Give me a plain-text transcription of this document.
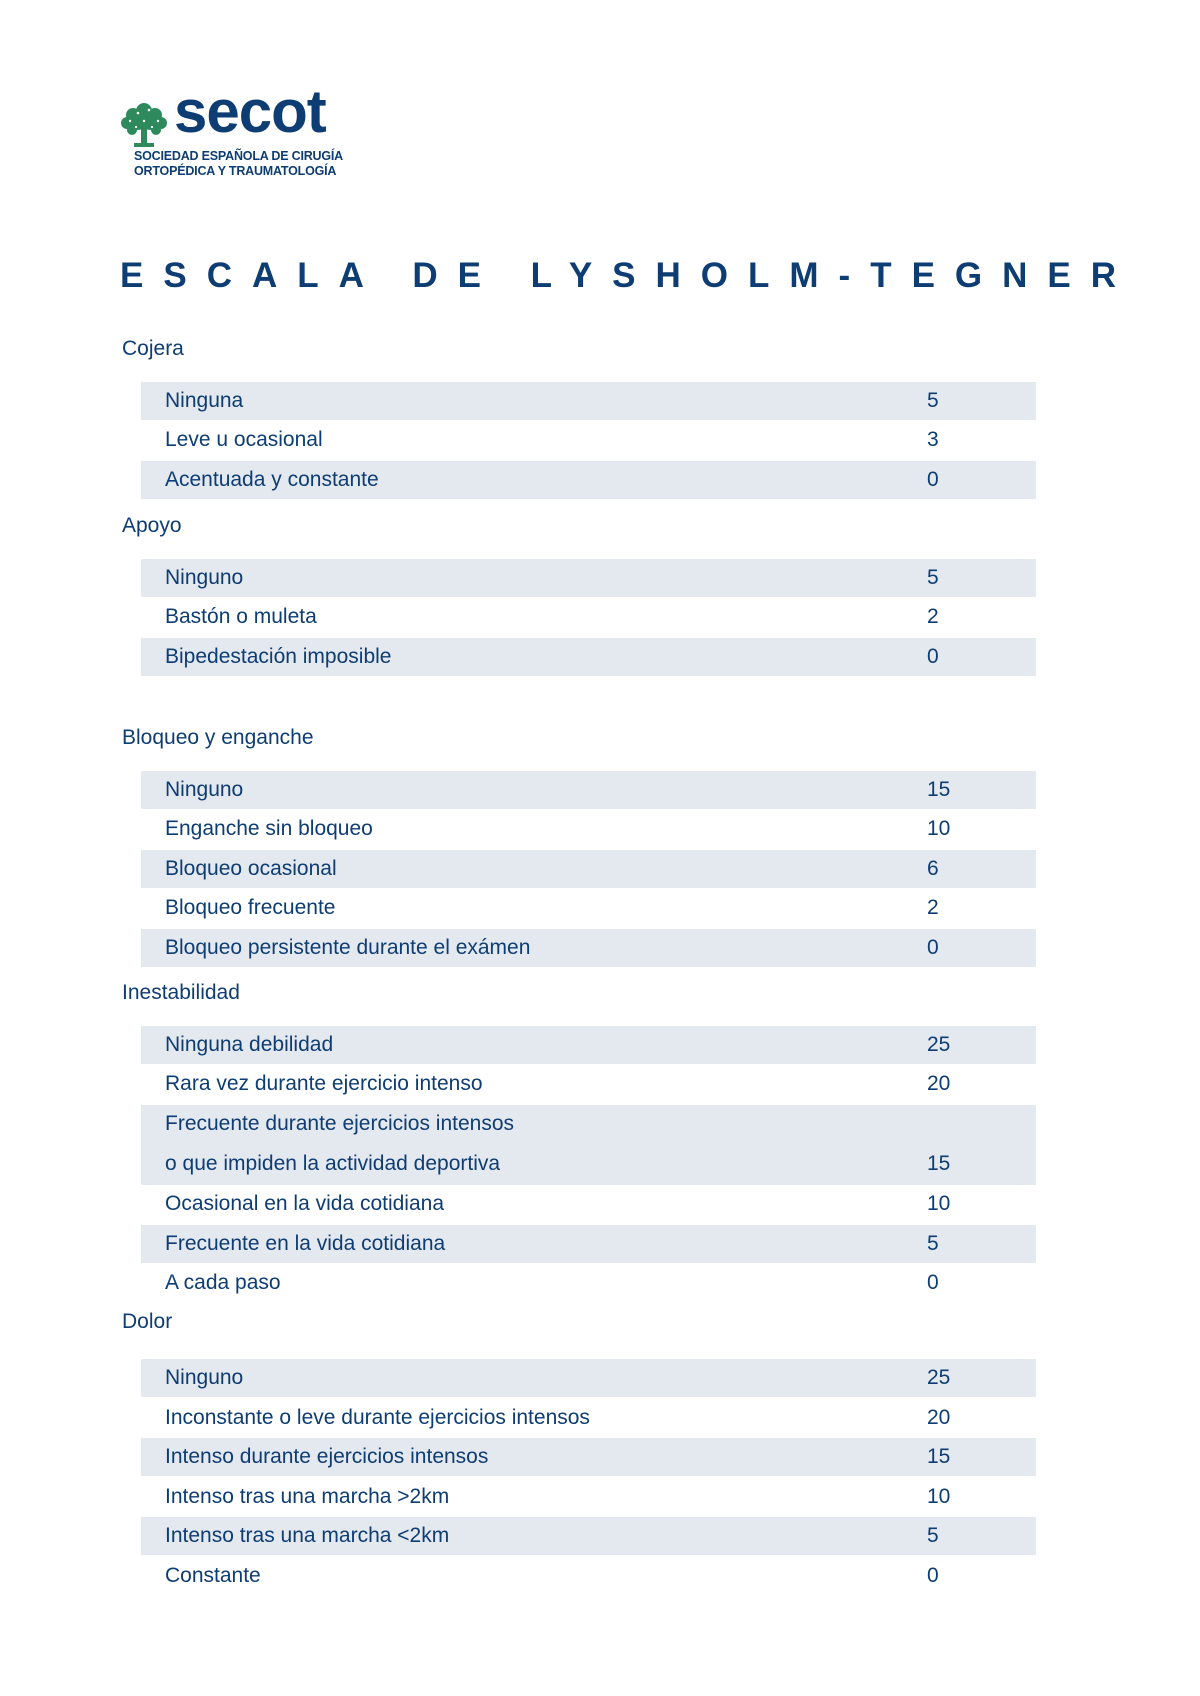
secot
SOCIEDAD ESPAÑOLA DE CIRUGÍA
ORTOPÉDICA Y TRAUMATOLOGÍA
ESCALA DE LYSHOLM-TEGNER
Cojera
Ninguna	5
Leve u ocasional	3
Acentuada y constante	0
Apoyo
Ninguno	5
Bastón o muleta	2
Bipedestación imposible	0
Bloqueo y enganche
Ninguno	15
Enganche sin bloqueo	10
Bloqueo ocasional	6
Bloqueo frecuente	2
Bloqueo persistente durante el exámen	0
Inestabilidad
Ninguna debilidad	25
Rara vez durante ejercicio intenso	20
Frecuente durante ejercicios intensos
o que impiden la actividad deportiva	15
Ocasional en la vida cotidiana	10
Frecuente en la vida cotidiana	5
A cada paso	0
Dolor
Ninguno	25
Inconstante o leve durante ejercicios intensos	20
Intenso durante ejercicios intensos	15
Intenso tras una marcha >2km	10
Intenso tras una marcha <2km	5
Constante	0
